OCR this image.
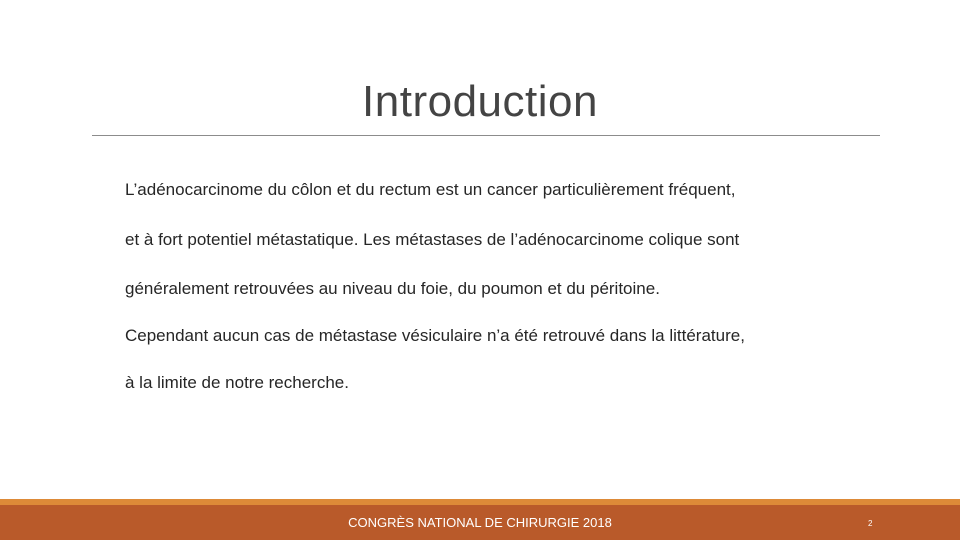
Introduction
L’adénocarcinome du côlon et du rectum est un cancer particulièrement fréquent,
et à fort potentiel métastatique. Les métastases de l’adénocarcinome colique sont
généralement retrouvées au niveau du foie, du poumon et du péritoine.
Cependant aucun cas de métastase vésiculaire n’a été retrouvé dans la littérature,
à la limite de notre recherche.
CONGRÈS NATIONAL DE CHIRURGIE 2018	2
